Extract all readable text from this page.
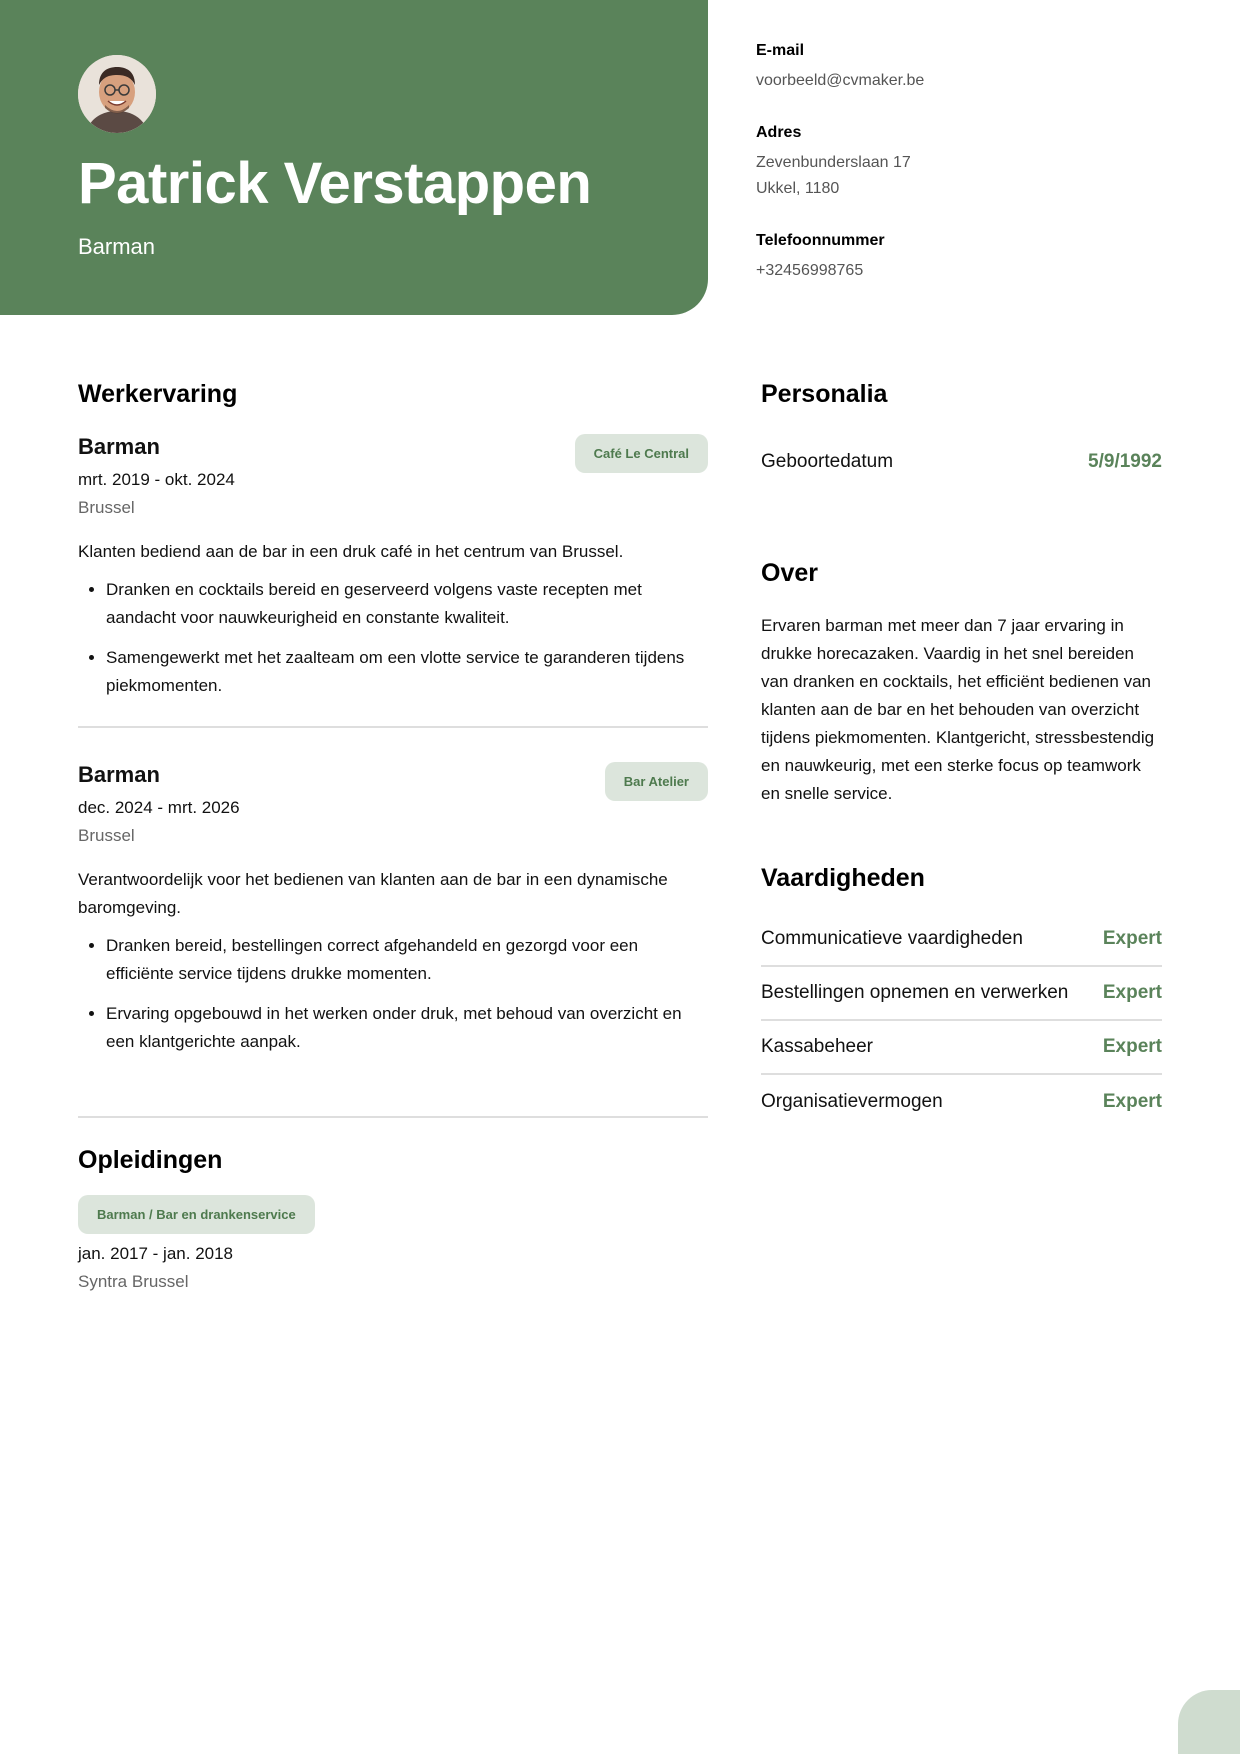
Patrick Verstappen
Barman
E-mail
voorbeeld@cvmaker.be
Adres
Zevenbunderslaan 17
Ukkel, 1180
Telefoonnummer
+32456998765
Werkervaring
Barman	Café Le Central
mrt. 2019 - okt. 2024
Brussel
Klanten bediend aan de bar in een druk café in het centrum van Brussel.
• Dranken en cocktails bereid en geserveerd volgens vaste recepten met aandacht voor nauwkeurigheid en constante kwaliteit.
• Samengewerkt met het zaalteam om een vlotte service te garanderen tijdens piekmomenten.
Barman	Bar Atelier
dec. 2024 - mrt. 2026
Brussel
Verantwoordelijk voor het bedienen van klanten aan de bar in een dynamische baromgeving.
• Dranken bereid, bestellingen correct afgehandeld en gezorgd voor een efficiënte service tijdens drukke momenten.
• Ervaring opgebouwd in het werken onder druk, met behoud van overzicht en een klantgerichte aanpak.
Opleidingen
Barman / Bar en drankenservice
jan. 2017 - jan. 2018
Syntra Brussel
Personalia
Geboortedatum	5/9/1992
Over
Ervaren barman met meer dan 7 jaar ervaring in drukke horecazaken. Vaardig in het snel bereiden van dranken en cocktails, het efficiënt bedienen van klanten aan de bar en het behouden van overzicht tijdens piekmomenten. Klantgericht, stressbestendig en nauwkeurig, met een sterke focus op teamwork en snelle service.
Vaardigheden
Communicatieve vaardigheden	Expert
Bestellingen opnemen en verwerken Expert
Kassabeheer	Expert
Organisatievermogen	Expert
